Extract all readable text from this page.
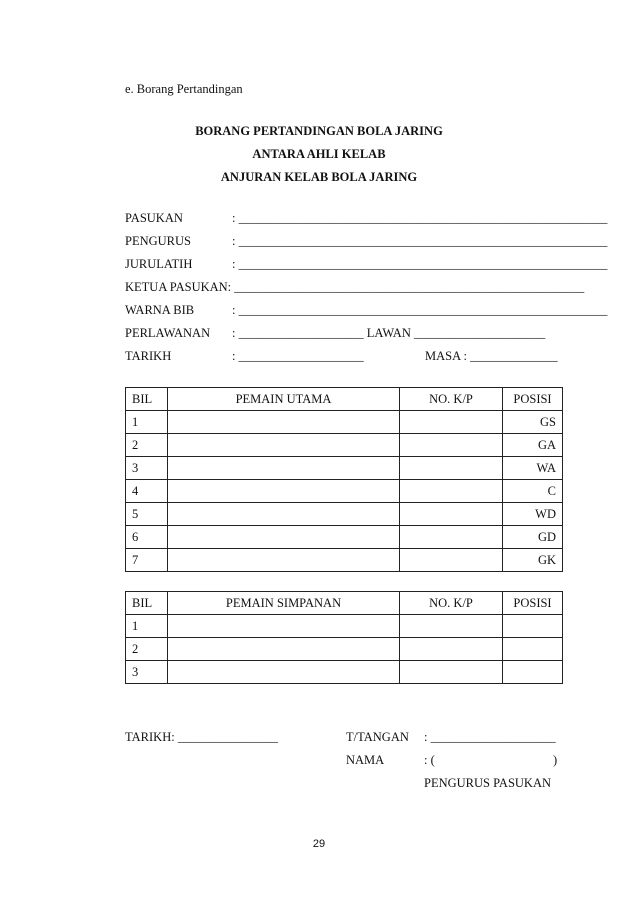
e. Borang Pertandingan
BORANG PERTANDINGAN BOLA JARING
ANTARA AHLI KELAB
ANJURAN KELAB BOLA JARING
PASUKAN	: ___________________________________________________________
PENGURUS	: ___________________________________________________________
JURULATIH	: ___________________________________________________________
KETUA PASUKAN: ________________________________________________________
WARNA BIB	: ___________________________________________________________
PERLAWANAN : ____________________ LAWAN _____________________
TARIKH	: ____________________	MASA : ______________
BIL	PEMAIN UTAMA	NO. K/P	POSISI
1			GS
2			GA
3			WA
4			C
5			WD
6			GD
7			GK
BIL	PEMAIN SIMPANAN	NO. K/P	POSISI
1			
2			
3			
TARIKH: ________________	T/TANGAN : ____________________
NAMA	: (	)
PENGURUS PASUKAN
29
